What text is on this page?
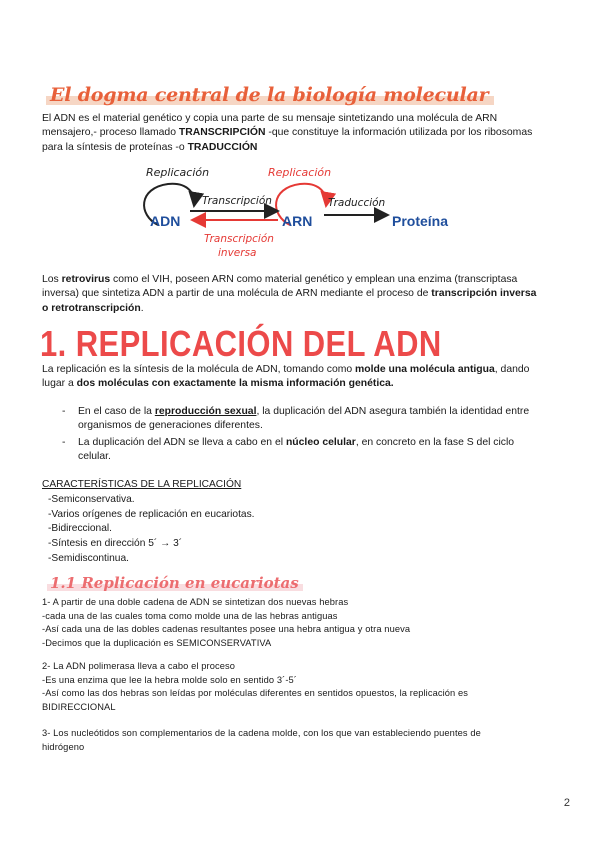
El dogma central de la biología molecular
El ADN es el material genético y copia una parte de su mensaje sintetizando una molécula de ARN
mensajero,- proceso llamado TRANSCRIPCIÓN -que constituye la información utilizada por los ribosomas
para la síntesis de proteínas -o TRADUCCIÓN
Replicación	Replicación
ADN	ARN	Proteína
Transcripción
Transcripción
inversa
Traducción
Los retrovirus como el VIH, poseen ARN como material genético y emplean una enzima (transcriptasa
inversa) que sintetiza ADN a partir de una molécula de ARN mediante el proceso de transcripción inversa
o retrotranscripción.
1. REPLICACIÓN DEL ADN
La replicación es la síntesis de la molécula de ADN, tomando como molde una molécula antigua, dando
lugar a dos moléculas con exactamente la misma información genética.
- En el caso de la reproducción sexual, la duplicación del ADN asegura también la identidad entre
organismos de generaciones diferentes.
- La duplicación del ADN se lleva a cabo en el núcleo celular, en concreto en la fase S del ciclo
celular.
CARACTERÍSTICAS DE LA REPLICACIÓN
-Semiconservativa.
-Varios orígenes de replicación en eucariotas.
-Bidireccional.
-Síntesis en dirección 5´ → 3´
-Semidiscontinua.
1.1 Replicación en eucariotas
1- A partir de una doble cadena de ADN se sintetizan dos nuevas hebras
-cada una de las cuales toma como molde una de las hebras antiguas
-Así cada una de las dobles cadenas resultantes posee una hebra antigua y otra nueva
-Decimos que la duplicación es SEMICONSERVATIVA
2- La ADN polimerasa lleva a cabo el proceso
-Es una enzima que lee la hebra molde solo en sentido 3´-5´
-Así como las dos hebras son leídas por moléculas diferentes en sentidos opuestos, la replicación es
BIDIRECCIONAL
3- Los nucleótidos son complementarios de la cadena molde, con los que van estableciendo puentes de
hidrógeno
2
